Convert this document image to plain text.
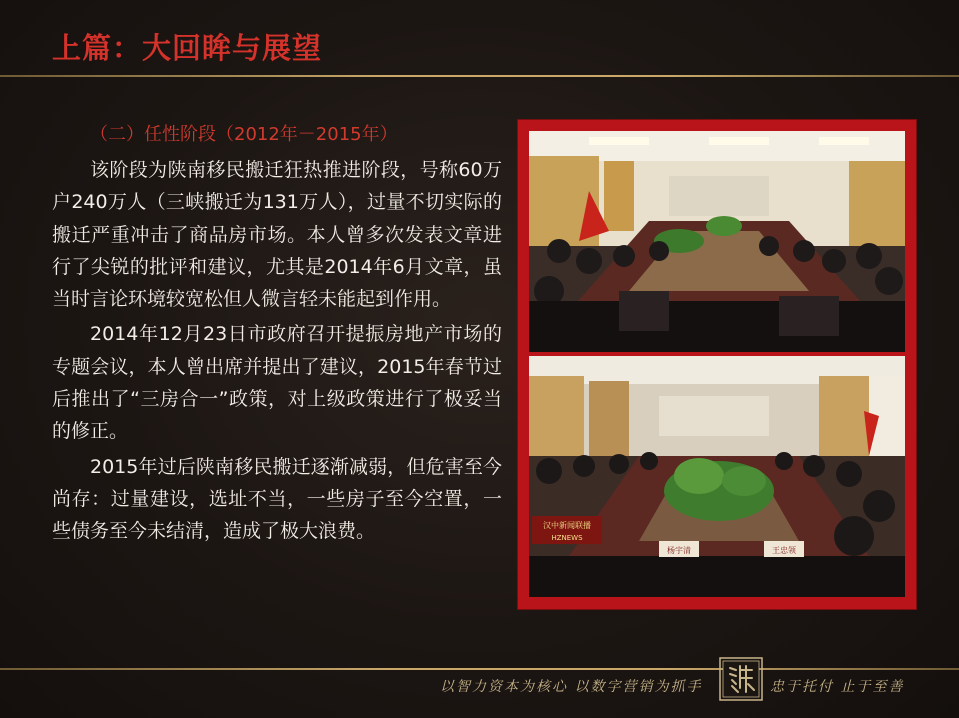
上篇：大回眸与展望
（二）任性阶段（2012年－2015年）

该阶段为陕南移民搬迁狂热推进阶段，号称60万户240万人（三峡搬迁为131万人），过量不切实际的搬迁严重冲击了商品房市场。本人曾多次发表文章进行了尖锐的批评和建议，尤其是2014年6月文章，虽当时言论环境较宽松但人微言轻未能起到作用。

2014年12月23日市政府召开提振房地产市场的专题会议，本人曾出席并提出了建议，2015年春节过后推出了“三房合一”政策，对上级政策进行了极妥当的修正。

2015年过后陕南移民搬迁逐渐减弱，但危害至今尚存：过量建设，选址不当，一些房子至今空置，一些债务至今未结清，造成了极大浪费。	汉中新闻联播
HZNEWS
杨宇清	王忠领
以智力资本为核心 以数字营销为抓手	忠于托付 止于至善
